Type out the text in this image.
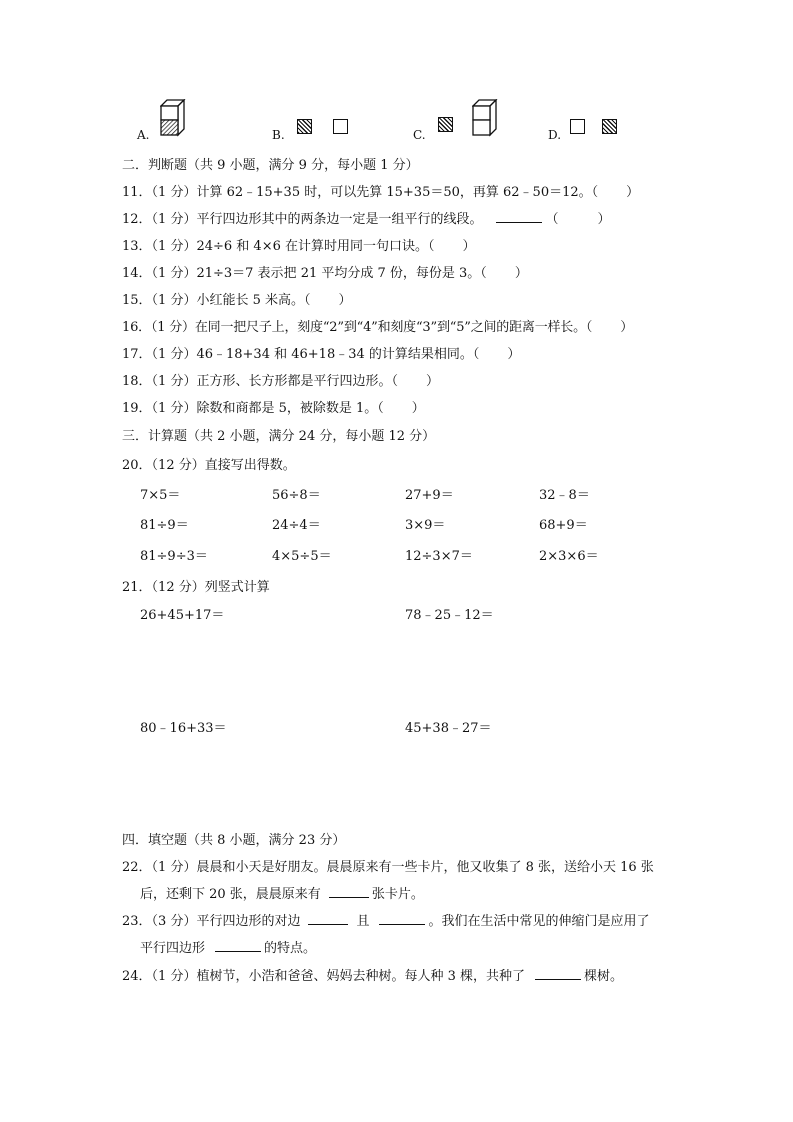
A.	B.	C.	D.
二．判断题（共 9 小题，满分 9 分，每小题 1 分）
11．（1 分）计算 62﹣15+35 时，可以先算 15+35＝50，再算 62﹣50＝12。（ ）
12．（1 分）平行四边形其中的两条边一定是一组平行的线段。	（　　　）
13．（1 分）24÷6 和 4×6 在计算时用同一句口诀。（ ）
14．（1 分）21÷3＝7 表示把 21 平均分成 7 份，每份是 3。（ ）
15．（1 分）小红能长 5 米高。（ ）
16．（1 分）在同一把尺子上，刻度“2”到“4”和刻度“3”到“5”之间的距离一样长。（ ）
17．（1 分）46﹣18+34 和 46+18﹣34 的计算结果相同。（ ）
18．（1 分）正方形、长方形都是平行四边形。（ ）
19．（1 分）除数和商都是 5，被除数是 1。（ ）
三．计算题（共 2 小题，满分 24 分，每小题 12 分）
20．（12 分）直接写出得数。
7×5＝	56÷8＝	27+9＝	32﹣8＝
81÷9＝	24÷4＝	3×9＝	68+9＝
81÷9÷3＝	4×5÷5＝	12÷3×7＝	2×3×6＝
21．（12 分）列竖式计算
26+45+17＝	78﹣25﹣12＝
80﹣16+33＝	45+38﹣27＝
四．填空题（共 8 小题，满分 23 分）
22．（1 分）晨晨和小天是好朋友。晨晨原来有一些卡片，他又收集了 8 张，送给小天 16 张
后，还剩下 20 张，晨晨原来有	张卡片。
23．（3 分）平行四边形的对边	且	。我们在生活中常见的伸缩门是应用了
平行四边形	的特点。
24．（1 分）植树节，小浩和爸爸、妈妈去种树。每人种 3 棵，共种了	棵树。
